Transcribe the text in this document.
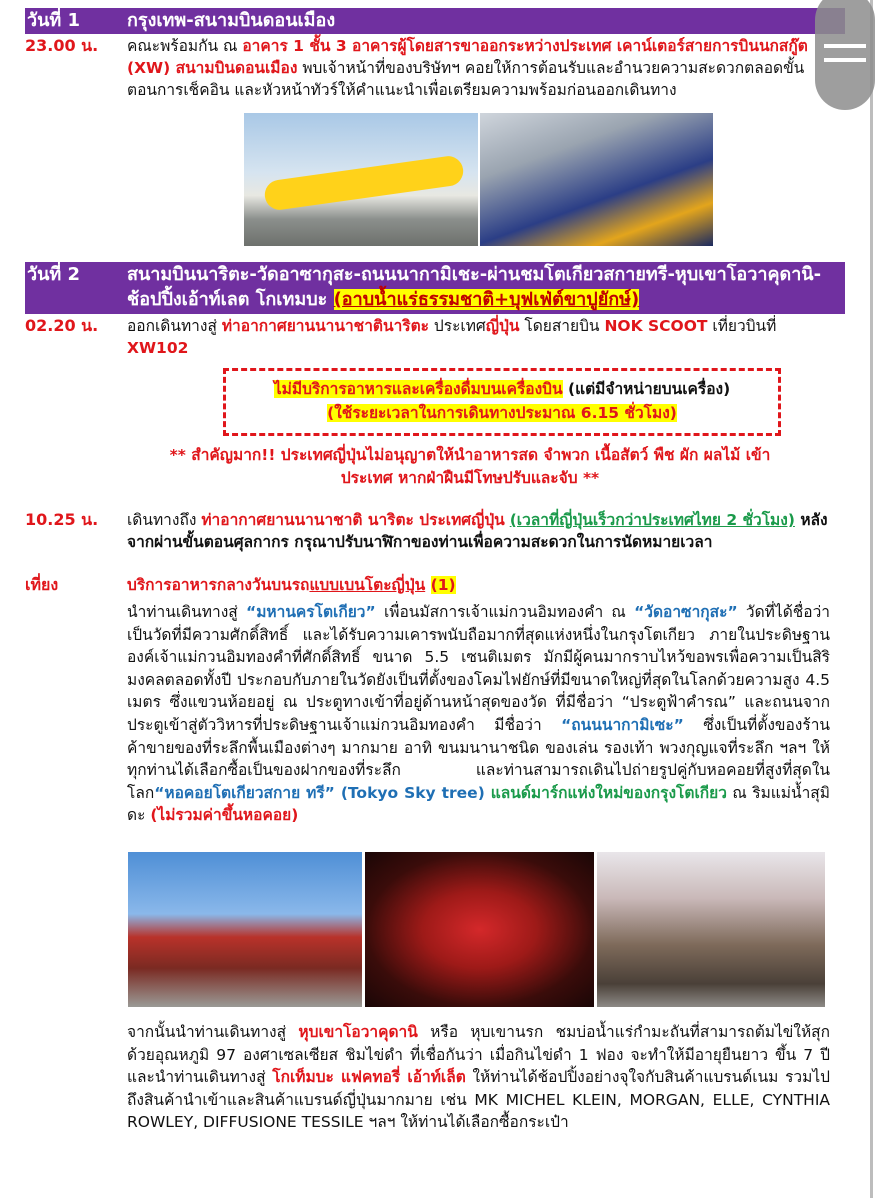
วันที่ 1	กรุงเทพ-สนามบินดอนเมือง
23.00 น. คณะพร้อมกัน ณ อาคาร 1 ชั้น 3 อาคารผู้โดยสารขาออกระหว่างประเทศ เคาน์เตอร์สายการบินนกสกู๊ต (XW) สนามบินดอนเมือง พบเจ้าหน้าที่ของบริษัทฯ คอยให้การต้อนรับและอำนวยความสะดวกตลอดขั้นตอนการเช็คอิน และหัวหน้าทัวร์ให้คำแนะนำเพื่อเตรียมความพร้อมก่อนออกเดินทาง
วันที่ 2	สนามบินนาริตะ-วัดอาซากุสะ-ถนนนากามิเชะ-ผ่านชมโตเกียวสกายทรี-หุบเขาโอวาคุดานิ-ช้อปปิ้งเอ้าท์เลต โกเทมบะ (อาบน้ำแร่ธรรมชาติ+บุฟเฟ่ต์ขาปูยักษ์)
02.20 น. ออกเดินทางสู่ ท่าอากาศยานนานาชาตินาริตะ ประเทศญี่ปุ่น โดยสายบิน NOK SCOOT เที่ยวบินที่ XW102
ไม่มีบริการอาหารและเครื่องดื่มบนเครื่องบิน (แต่มีจำหน่ายบนเครื่อง)
(ใช้ระยะเวลาในการเดินทางประมาณ 6.15 ชั่วโมง)
** สำคัญมาก!! ประเทศญี่ปุ่นไม่อนุญาตให้นำอาหารสด จำพวก เนื้อสัตว์ พืช ผัก ผลไม้ เข้าประเทศ หากฝ่าฝืนมีโทษปรับและจับ **
10.25 น. เดินทางถึง ท่าอากาศยานนานาชาติ นาริตะ ประเทศญี่ปุ่น (เวลาที่ญี่ปุ่นเร็วกว่าประเทศไทย 2 ชั่วโมง) หลังจากผ่านขั้นตอนศุลกากร กรุณาปรับนาฬิกาของท่านเพื่อความสะดวกในการนัดหมายเวลา
เที่ยง	บริการอาหารกลางวันบนรถแบบเบนโตะญี่ปุ่น (1)
นำท่านเดินทางสู่ “มหานครโตเกียว” เพื่อนมัสการเจ้าแม่กวนอิมทองคำ ณ “วัดอาซากุสะ” วัดที่ได้ชื่อว่าเป็นวัดที่มีความศักดิ์สิทธิ์ และได้รับความเคารพนับถือมากที่สุดแห่งหนึ่งในกรุงโตเกียว ภายในประดิษฐานองค์เจ้าแม่กวนอิมทองคำที่ศักดิ์สิทธิ์ ขนาด 5.5 เซนติเมตร มักมีผู้คนมากราบไหว้ขอพรเพื่อความเป็นสิริมงคลตลอดทั้งปี ประกอบกับภายในวัดยังเป็นที่ตั้งของโคมไฟยักษ์ที่มีขนาดใหญ่ที่สุดในโลกด้วยความสูง 4.5 เมตร ซึ่งแขวนห้อยอยู่ ณ ประตูทางเข้าที่อยู่ด้านหน้าสุดของวัด ที่มีชื่อว่า “ประตูฟ้าคำรณ” และถนนจากประตูเข้าสู่ตัววิหารที่ประดิษฐานเจ้าแม่กวนอิมทองคำ มีชื่อว่า “ถนนนากามิเซะ” ซึ่งเป็นที่ตั้งของร้านค้าขายของที่ระลึกพื้นเมืองต่างๆ มากมาย อาทิ ขนมนานาชนิด ของเล่น รองเท้า พวงกุญแจที่ระลึก ฯลฯ ให้ทุกท่านได้เลือกซื้อเป็นของฝากของที่ระลึก และท่านสามารถเดินไปถ่ายรูปคู่กับหอคอยที่สูงที่สุดในโลก“หอคอยโตเกียวสกาย ทรี” (Tokyo Sky tree) แลนด์มาร์กแห่งใหม่ของกรุงโตเกียว ณ ริมแม่น้ำสุมิดะ (ไม่รวมค่าขึ้นหอคอย)
จากนั้นนำท่านเดินทางสู่ หุบเขาโอวาคุดานิ หรือ หุบเขานรก ชมบ่อน้ำแร่กำมะถันที่สามารถต้มไข่ให้สุก ด้วยอุณหภูมิ 97 องศาเซลเซียส ชิมไข่ดำ ที่เชื่อกันว่า เมื่อกินไข่ดำ 1 ฟอง จะทำให้มีอายุยืนยาว ขึ้น 7 ปี และนำท่านเดินทางสู่ โกเท็มบะ แฟคทอรี่ เอ้าท์เล็ต ให้ท่านได้ช้อปปิ้งอย่างจุใจกับสินค้าแบรนด์เนม รวมไปถึงสินค้านำเข้าและสินค้าแบรนด์ญี่ปุ่นมากมาย เช่น MK MICHEL KLEIN, MORGAN, ELLE, CYNTHIA ROWLEY, DIFFUSIONE TESSILE ฯลฯ ให้ท่านได้เลือกซื้อกระเป๋า
